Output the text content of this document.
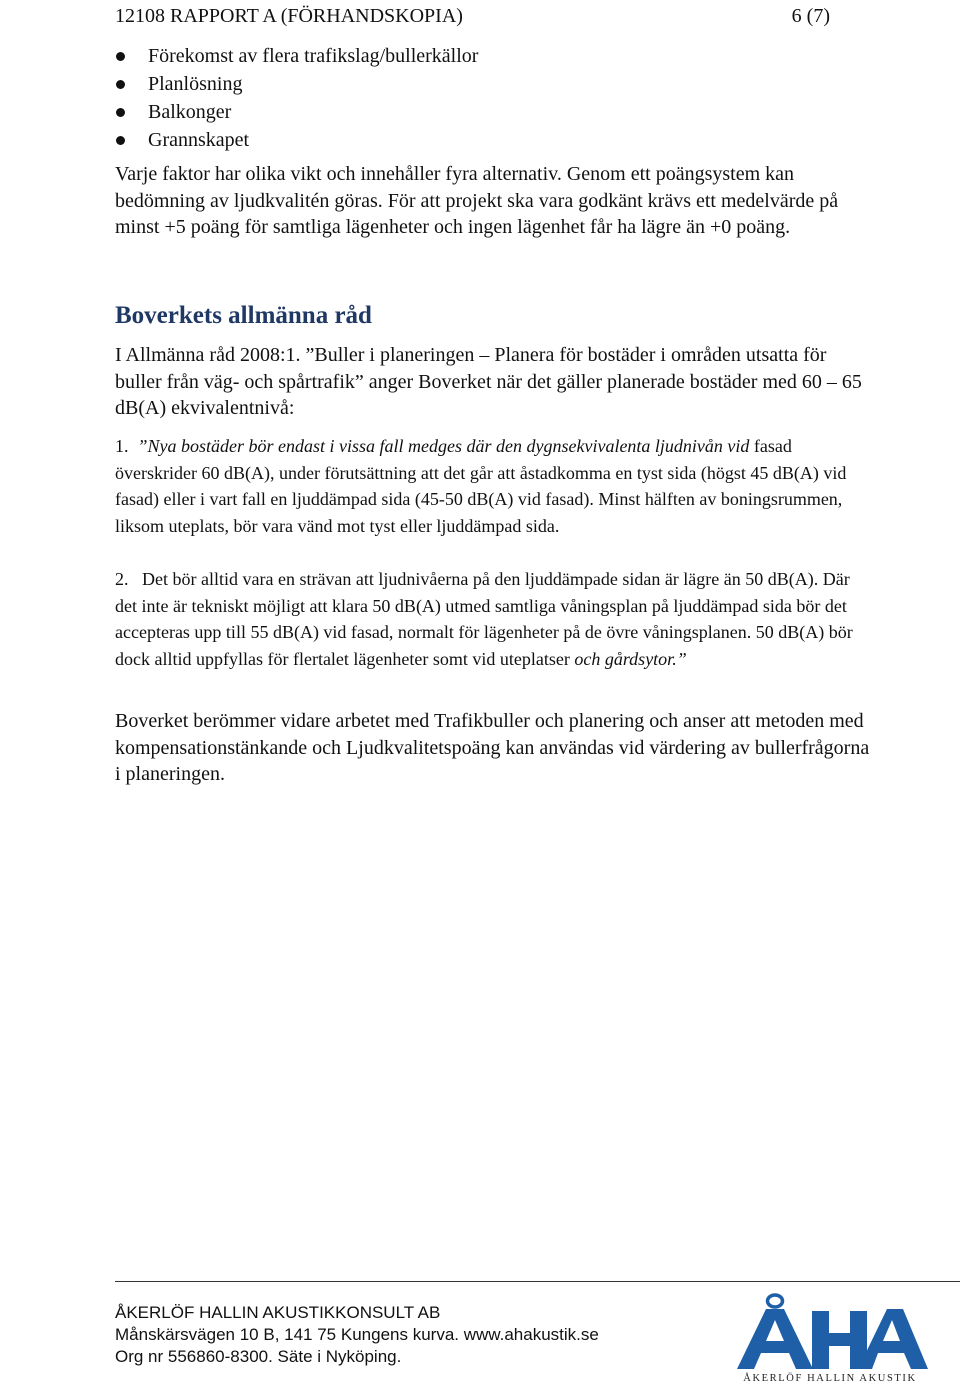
12108 RAPPORT A (FÖRHANDSKOPIA)	6 (7)
Förekomst av flera trafikslag/bullerkällor
Planlösning
Balkonger
Grannskapet

Varje faktor har olika vikt och innehåller fyra alternativ. Genom ett poängsystem kan bedömning av ljudkvalitén göras. För att projekt ska vara godkänt krävs ett medelvärde på minst +5 poäng för samtliga lägenheter och ingen lägenhet får ha lägre än +0 poäng.

Boverkets allmänna råd

I Allmänna råd 2008:1. ”Buller i planeringen – Planera för bostäder i områden utsatta för buller från väg- och spårtrafik” anger Boverket när det gäller planerade bostäder med 60 – 65 dB(A) ekvivalentnivå:

1. ”Nya bostäder bör endast i vissa fall medges där den dygnsekvivalenta ljudnivån vid fasad överskrider 60 dB(A), under förutsättning att det går att åstadkomma en tyst sida (högst 45 dB(A) vid fasad) eller i vart fall en ljuddämpad sida (45-50 dB(A) vid fasad). Minst hälften av boningsrummen, liksom uteplats, bör vara vänd mot tyst eller ljuddämpad sida.

2. Det bör alltid vara en strävan att ljudnivåerna på den ljuddämpade sidan är lägre än 50 dB(A). Där det inte är tekniskt möjligt att klara 50 dB(A) utmed samtliga våningsplan på ljuddämpad sida bör det accepteras upp till 55 dB(A) vid fasad, normalt för lägenheter på de övre våningsplanen. 50 dB(A) bör dock alltid uppfyllas för flertalet lägenheter somt vid uteplatser och gårdsytor.”

Boverket berömmer vidare arbetet med Trafikbuller och planering och anser att metoden med kompensationstänkande och Ljudkvalitetspoäng kan användas vid värdering av bullerfrågorna i planeringen.

ÅKERLÖF HALLIN AKUSTIKKONSULT AB
Månskärsvägen 10 B, 141 75 Kungens kurva. www.ahakustik.se
Org nr 556860-8300. Säte i Nyköping.
ÅKERLÖF HALLIN AKUSTIK
